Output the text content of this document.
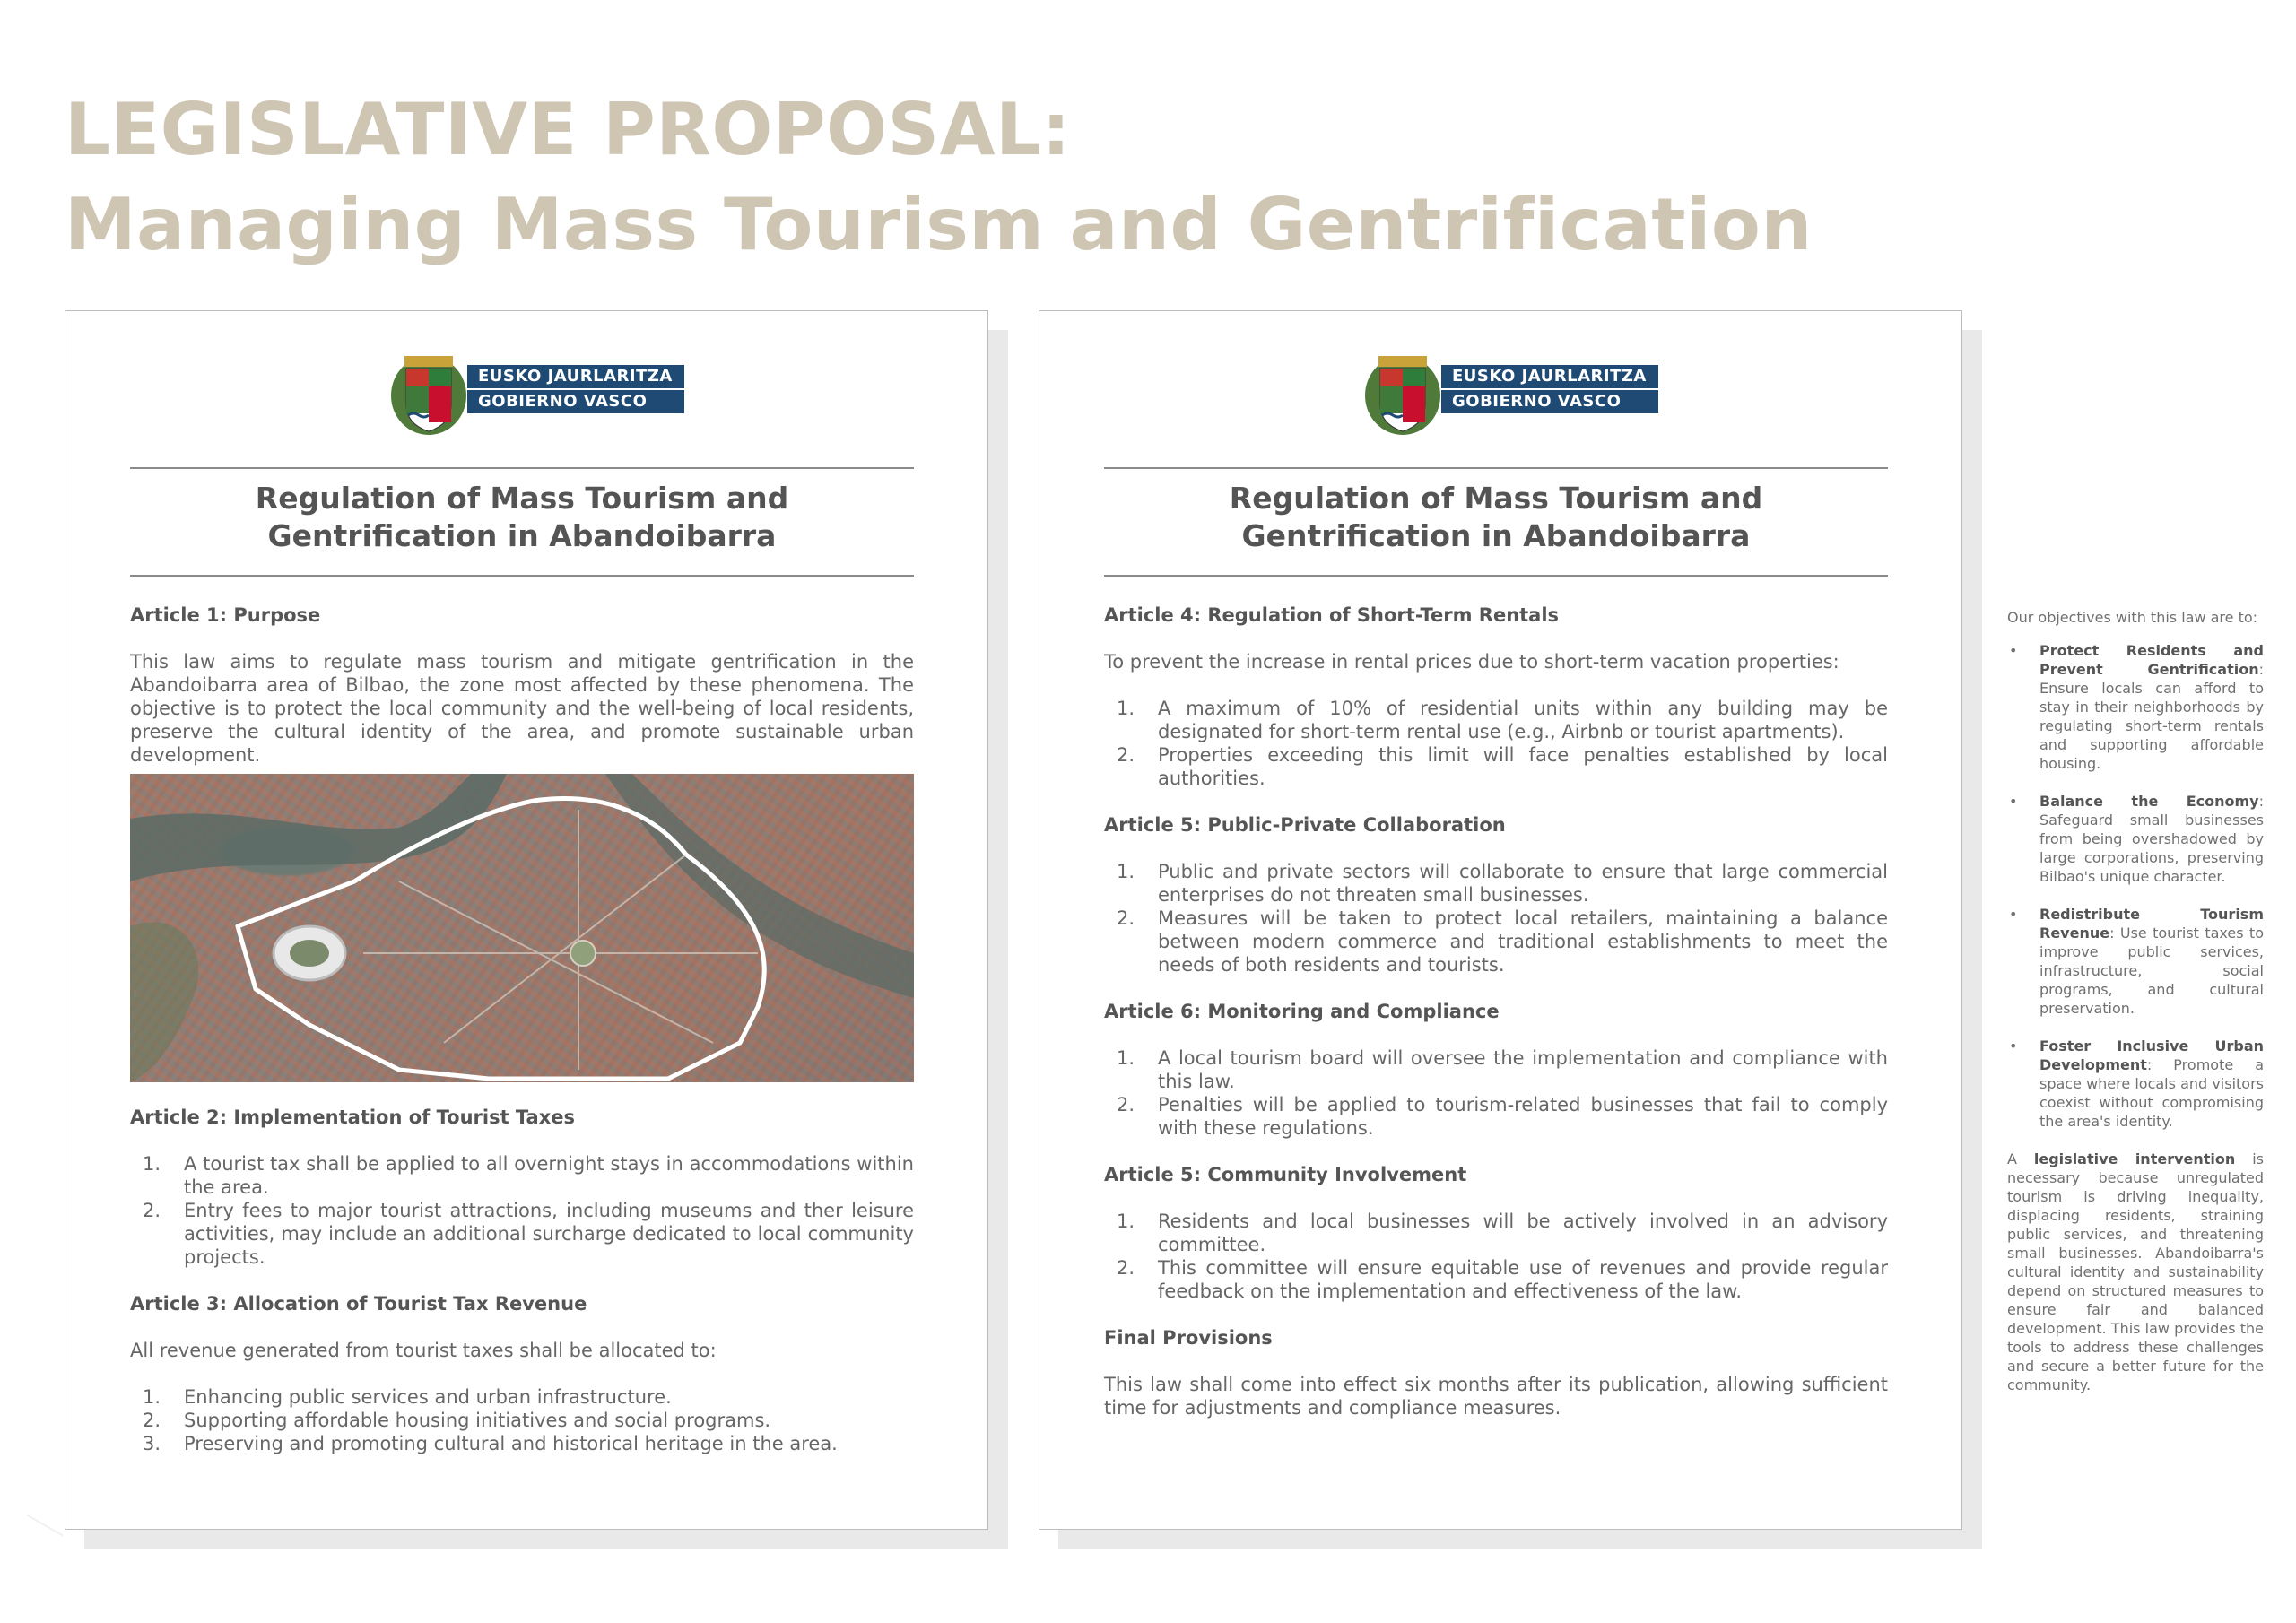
LEGISLATIVE PROPOSAL:
Managing Mass Tourism and Gentrification
EUSKO JAURLARITZA
GOBIERNO VASCO
Regulation of Mass Tourism and
Gentrification in Abandoibarra
Article 1: Purpose

This law aims to regulate mass tourism and mitigate gentrification in the Abandoibarra area of Bilbao, the zone most affected by these phenomena. The objective is to protect the local community and the well-being of local residents, preserve the cultural identity of the area, and promote sustainable urban development.

Article 2: Implementation of Tourist Taxes
1. A tourist tax shall be applied to all overnight stays in accommodations within the area.
2. Entry fees to major tourist attractions, including museums and ther leisure activities, may include an additional surcharge dedicated to local community projects.
Article 3: Allocation of Tourist Tax Revenue

All revenue generated from tourist taxes shall be allocated to:

1. Enhancing public services and urban infrastructure.
2. Supporting affordable housing initiatives and social programs.
3. Preserving and promoting cultural and historical heritage in the area.
EUSKO JAURLARITZA
GOBIERNO VASCO
Regulation of Mass Tourism and
Gentrification in Abandoibarra
Article 4: Regulation of Short-Term Rentals

To prevent the increase in rental prices due to short-term vacation properties:

1. A maximum of 10% of residential units within any building may be designated for short-term rental use (e.g., Airbnb or tourist apartments).
2. Properties exceeding this limit will face penalties established by local authorities.
Article 5: Public-Private Collaboration
1. Public and private sectors will collaborate to ensure that large commercial enterprises do not threaten small businesses.
2. Measures will be taken to protect local retailers, maintaining a balance between modern commerce and traditional establishments to meet the needs of both residents and tourists.
Article 6: Monitoring and Compliance
1. A local tourism board will oversee the implementation and compliance with this law.
2. Penalties will be applied to tourism-related businesses that fail to comply with these regulations.
Article 5: Community Involvement
1. Residents and local businesses will be actively involved in an advisory committee.
2. This committee will ensure equitable use of revenues and provide regular feedback on the implementation and effectiveness of the law.
Final Provisions

This law shall come into effect six months after its publication, allowing sufficient time for adjustments and compliance measures.

Our objectives with this law are to:

• Protect Residents and Prevent Gentrification: Ensure locals can afford to stay in their neighborhoods by regulating short-term rentals and supporting affordable housing.
• Balance the Economy: Safeguard small businesses from being overshadowed by large corporations, preserving Bilbao's unique character.
• Redistribute Tourism Revenue: Use tourist taxes to improve public services, infrastructure, social programs, and cultural preservation.
• Foster Inclusive Urban Development: Promote a space where locals and visitors coexist without compromising the area's identity.

A legislative intervention is necessary because unregulated tourism is driving inequality, displacing residents, straining public services, and threatening small businesses. Abandoibarra's cultural identity and sustainability depend on structured measures to ensure fair and balanced development. This law provides the tools to address these challenges and secure a better future for the community.
